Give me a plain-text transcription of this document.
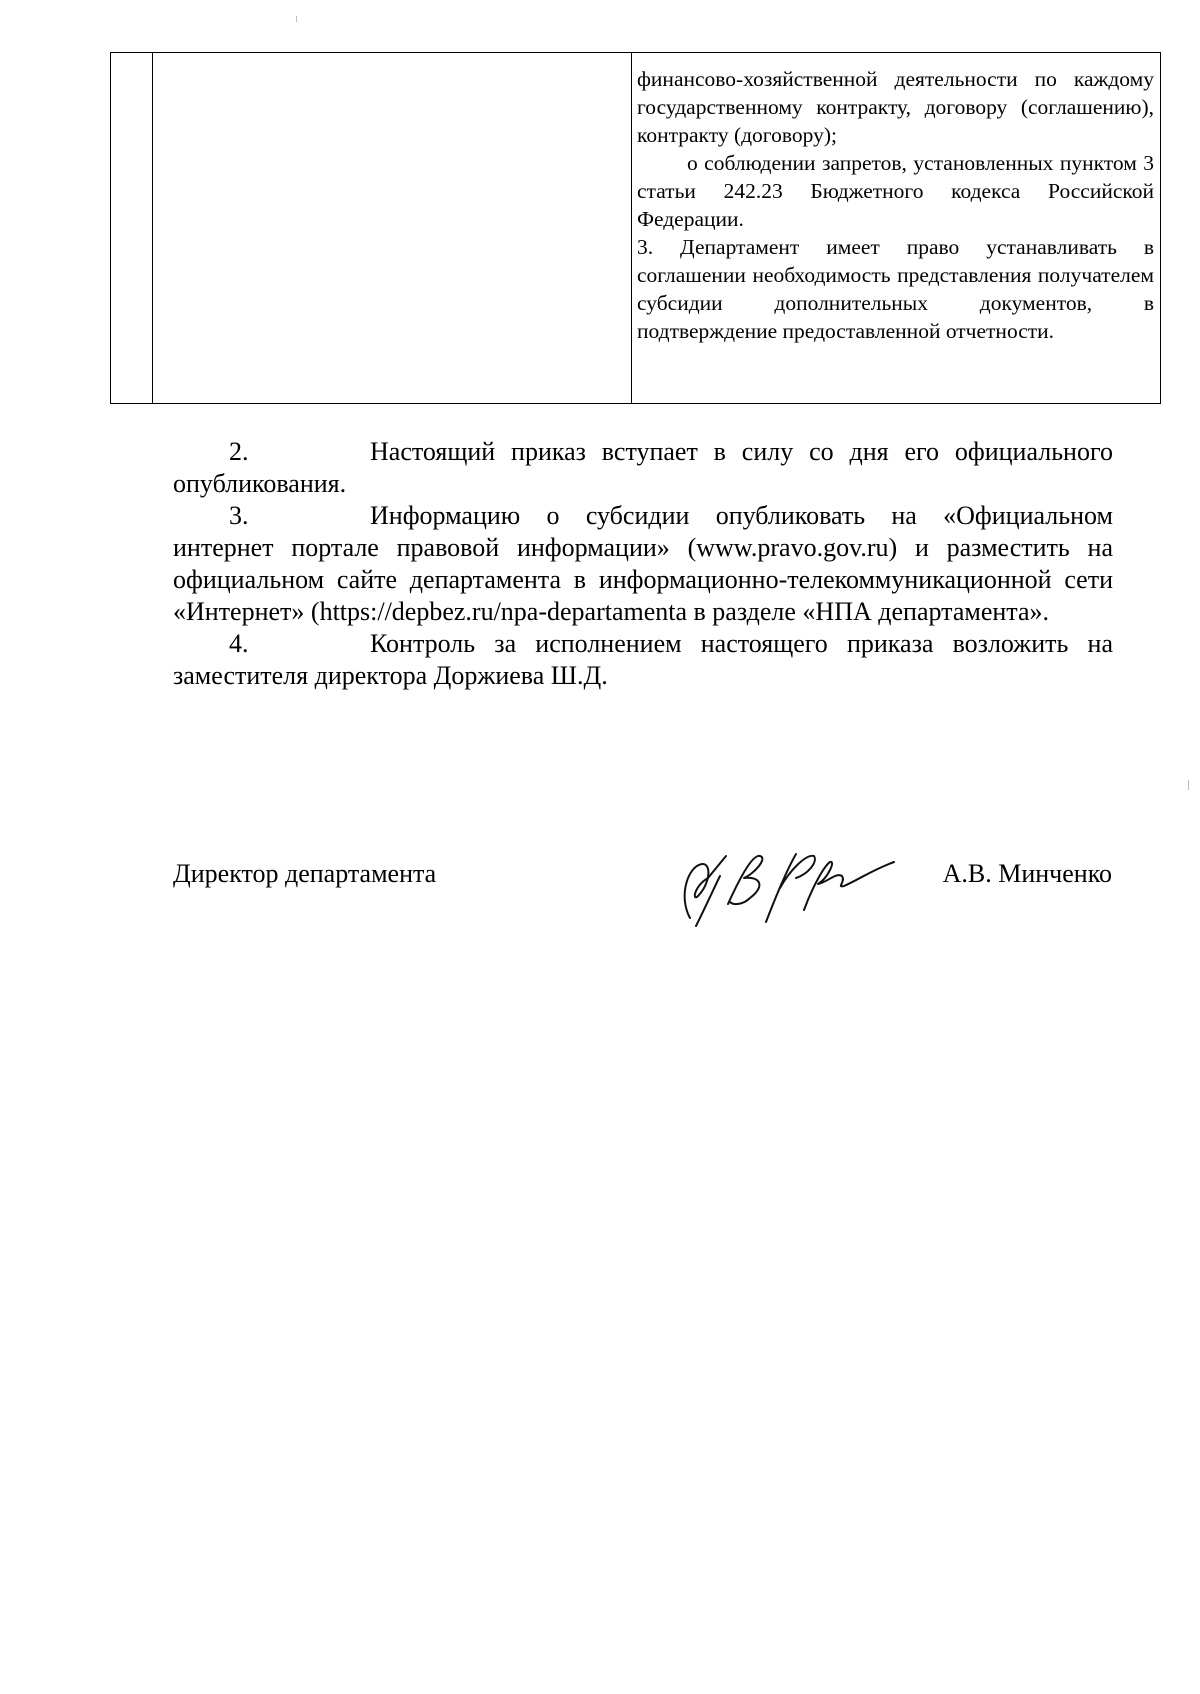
финансово-хозяйственной деятельности по каждому государственному контракту, договору (соглашению), контракту (договору);

о соблюдении запретов, установленных пунктом 3 статьи 242.23 Бюджетного кодекса Российской Федерации.

3. Департамент имеет право устанавливать в соглашении необходимость представления получателем субсидии дополнительных документов, в подтверждение предоставленной отчетности.

2.	Настоящий приказ вступает в силу со дня его официального опубликования.

3.	Информацию о субсидии опубликовать на «Официальном интернет портале правовой информации» (www.pravo.gov.ru) и разместить на официальном сайте департамента в информационно-телекоммуникационной сети «Интернет» (https://depbez.ru/npa-departamenta в разделе «НПА департамента».

4.	Контроль за исполнением настоящего приказа возложить на заместителя директора Доржиева Ш.Д.

Директор департамента	А.В. Минченко
